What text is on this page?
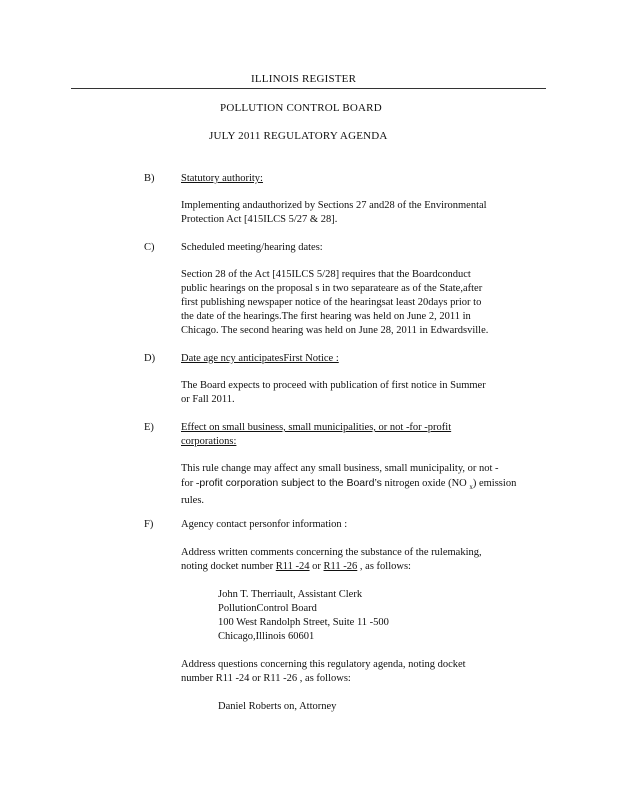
ILLINOIS REGISTER
POLLUTION CONTROL BOARD
JULY 2011 REGULATORY AGENDA
B)	Statutory authority:
Implementing andauthorized by Sections 27 and28 of the Environmental
Protection Act [415ILCS 5/27 & 28].
C)	Scheduled meeting/hearing dates:
Section 28 of the Act [415ILCS 5/28] requires that the Boardconduct
public hearings on the proposal s in two separateare as of the State,after
first publishing newspaper notice of the hearingsat least 20days prior to
the date of the hearings.The first hearing was held on June 2, 2011 in
Chicago. The second hearing was held on June 28, 2011 in Edwardsville.
D) Date age ncy anticipatesFirst Notice :
The Board expects to proceed with publication of first notice in Summer
or Fall 2011.
E)	Effect on small business, small municipalities, or not -for -profit
corporations:
This rule change may affect any small business, small municipality, or not -
for -profit corporation subject to the Board’s nitrogen oxide (NO $_x$) emission
rules.
F)	Agency contact personfor information :
Address written comments concerning the substance of the rulemaking,
noting docket number R11 -24 or R11 -26 , as follows:
John T. Therriault, Assistant Clerk
PollutionControl Board
100 West Randolph Street, Suite 11 -500
Chicago,Illinois 60601
Address questions concerning this regulatory agenda, noting docket
number R11 -24 or R11 -26 , as follows:
Daniel Roberts on, Attorney
